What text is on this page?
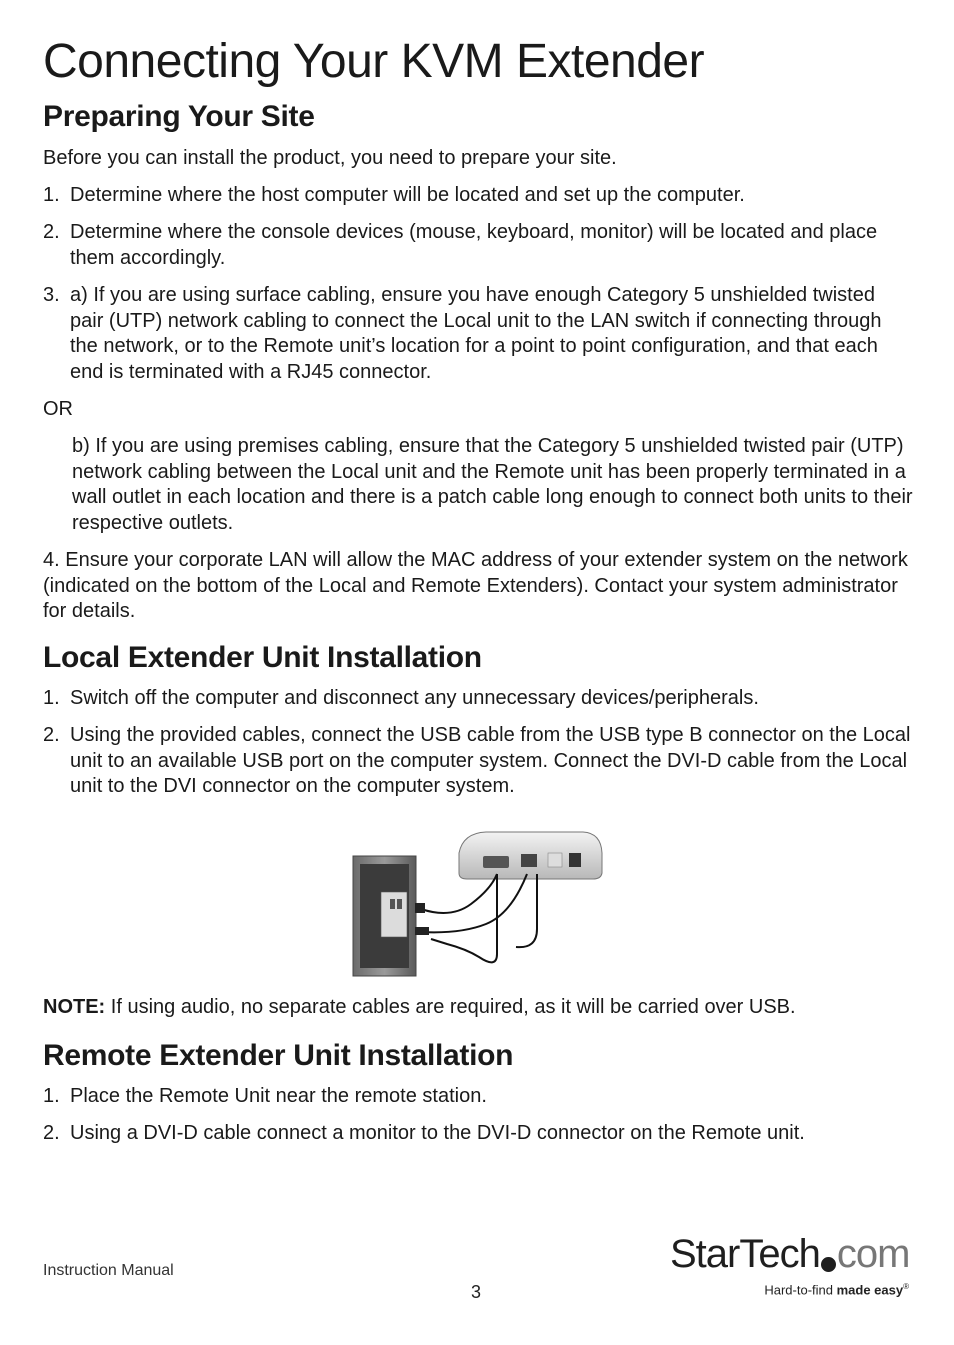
Connecting Your KVM Extender
Preparing Your Site

Before you can install the product, you need to prepare your site.

1. Determine where the host computer will be located and set up the computer.
2. Determine where the console devices (mouse, keyboard, monitor) will be located and place them accordingly.
3. a) If you are using surface cabling, ensure you have enough Category 5 unshielded twisted pair (UTP) network cabling to connect the Local unit to the LAN switch if connecting through the network, or to the Remote unit’s location for a point to point configuration, and that each end is terminated with a RJ45 connector.

OR

b) If you are using premises cabling, ensure that the Category 5 unshielded twisted pair (UTP) network cabling between the Local unit and the Remote unit has been properly terminated in a wall outlet in each location and there is a patch cable long enough to connect both units to their respective outlets.

4. Ensure your corporate LAN will allow the MAC address of your extender system on the network (indicated on the bottom of the Local and Remote Extenders). Contact your system administrator for details.

Local Extender Unit Installation
1. Switch off the computer and disconnect any unnecessary devices/peripherals.
2. Using the provided cables, connect the USB cable from the USB type B connector on the Local unit to an available USB port on the computer system. Connect the DVI-D cable from the Local unit to the DVI connector on the computer system.

NOTE: If using audio, no separate cables are required, as it will be carried over USB.

Remote Extender Unit Installation
1. Place the Remote Unit near the remote station.
2. Using a DVI-D cable connect a monitor to the DVI-D connector on the Remote unit.
Instruction Manual
3
StarTech com
Hard-to-find made easy®
